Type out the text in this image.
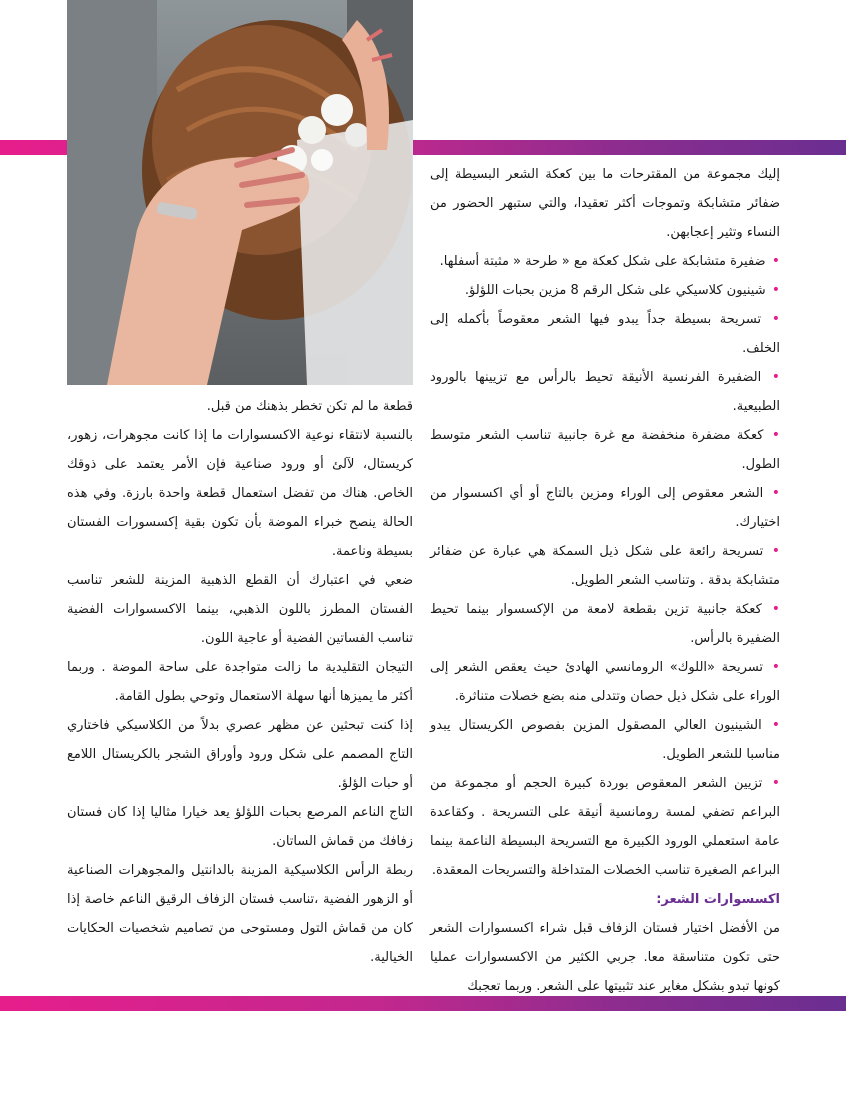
إليك مجموعة من المقترحات ما بين كعكة الشعر البسيطة إلى ضفائر متشابكة وتموجات أكثر تعقيدا، والتي ستبهر الحضور من النساء وتثير إعجابهن.

• ضفيرة متشابكة على شكل كعكة مع « طرحة « مثبتة أسفلها.

• شينيون كلاسيكي على شكل الرقم 8 مزين بحبات اللؤلؤ.

• تسريحة بسيطة جداً يبدو فيها الشعر معقوصاً بأكمله إلى الخلف.

• الضفيرة الفرنسية الأنيقة تحيط بالرأس مع تزيينها بالورود الطبيعية.

• كعكة مضفرة منخفضة مع غرة جانبية تناسب الشعر متوسط الطول.

• الشعر معقوص إلى الوراء ومزين بالتاج أو أي اكسسوار من اختيارك.

• تسريحة رائعة على شكل ذيل السمكة هي عبارة عن ضفائر متشابكة بدقة . وتناسب الشعر الطويل.

• كعكة جانبية تزين بقطعة لامعة من الإكسسوار بينما تحيط الضفيرة بالرأس.

• تسريحة «اللوك» الرومانسي الهادئ حيث يعقص الشعر إلى الوراء على شكل ذيل حصان وتتدلى منه بضع خصلات متناثرة.

• الشينيون العالي المصقول المزين بفصوص الكريستال يبدو مناسبا للشعر الطويل.

• تزيين الشعر المعقوص بوردة كبيرة الحجم أو مجموعة من البراعم تضفي لمسة رومانسية أنيقة على التسريحة . وكقاعدة عامة استعملي الورود الكبيرة مع التسريحة البسيطة الناعمة بينما البراعم الصغيرة تناسب الخصلات المتداخلة والتسريحات المعقدة.

اكسسوارات الشعر:

من الأفضل اختيار فستان الزفاف قبل شراء اكسسوارات الشعر حتى تكون متناسقة معا. جربي الكثير من الاكسسوارات عمليا كونها تبدو بشكل مغاير عند تثبيتها على الشعر. وربما تعجبك

قطعة ما لم تكن تخطر بذهنك من قبل.

بالنسبة لانتقاء نوعية الاكسسوارات ما إذا كانت مجوهرات، زهور، كريستال، لآلئ أو ورود صناعية فإن الأمر يعتمد على ذوقك الخاص. هناك من تفضل استعمال قطعة واحدة بارزة. وفي هذه الحالة ينصح خبراء الموضة بأن تكون بقية إكسسورات الفستان بسيطة وناعمة.

ضعي في اعتبارك أن القطع الذهبية المزينة للشعر تناسب الفستان المطرز باللون الذهبي، بينما الاكسسوارات الفضية تناسب الفساتين الفضية أو عاجية اللون.

التيجان التقليدية ما زالت متواجدة على ساحة الموضة . وربما أكثر ما يميزها أنها سهلة الاستعمال وتوحي بطول القامة.

إذا كنت تبحثين عن مظهر عصري بدلاً من الكلاسيكي فاختاري التاج المصمم على شكل ورود وأوراق الشجر بالكريستال اللامع أو حبات الؤلؤ.

التاج الناعم المرصع بحبات اللؤلؤ يعد خيارا مثاليا إذا كان فستان زفافك من قماش الساتان.

ربطة الرأس الكلاسيكية المزينة بالدانتيل والمجوهرات الصناعية أو الزهور الفضية ،تناسب فستان الزفاف الرقيق الناعم خاصة إذا كان من قماش التول ومستوحى من تصاميم شخصيات الحكايات الخيالية.
